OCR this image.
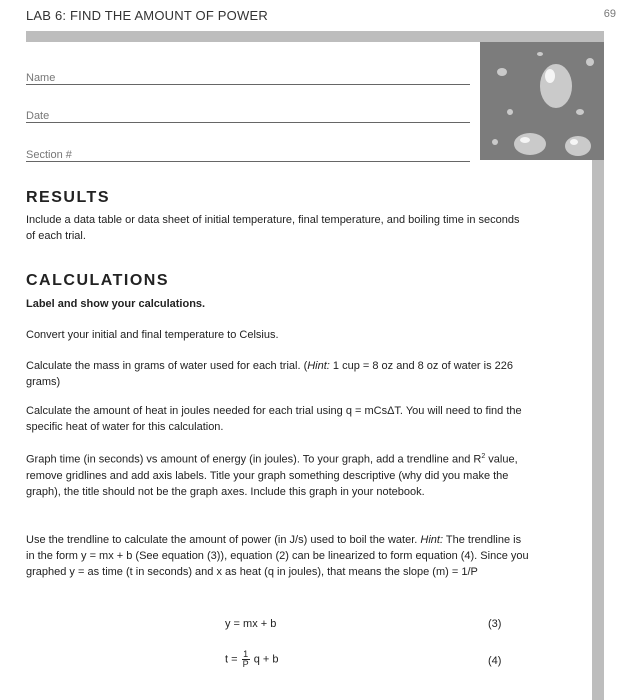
LAB 6: FIND THE AMOUNT OF POWER	69
Name
Date
Section #
RESULTS
Include a data table or data sheet of initial temperature, final temperature, and boiling time in seconds of each trial.
CALCULATIONS
Label and show your calculations.
Convert your initial and final temperature to Celsius.
Calculate the mass in grams of water used for each trial. (Hint: 1 cup = 8 oz and 8 oz of water is 226 grams)
Calculate the amount of heat in joules needed for each trial using q = mCsΔT. You will need to find the specific heat of water for this calculation.
Graph time (in seconds) vs amount of energy (in joules). To your graph, add a trendline and $R^2$ value, remove gridlines and add axis labels. Title your graph something descriptive (why did you make the graph), the title should not be the graph axes. Include this graph in your notebook.
Use the trendline to calculate the amount of power (in J/s) used to boil the water. Hint: The trendline is in the form y = mx + b (See equation (3)), equation (2) can be linearized to form equation (4). Since you graphed y = as time (t in seconds) and x as heat (q in joules), that means the slope (m) = 1/P
y = mx + b	(3)
$t = \frac{1}{P}$ q + b	(4)
